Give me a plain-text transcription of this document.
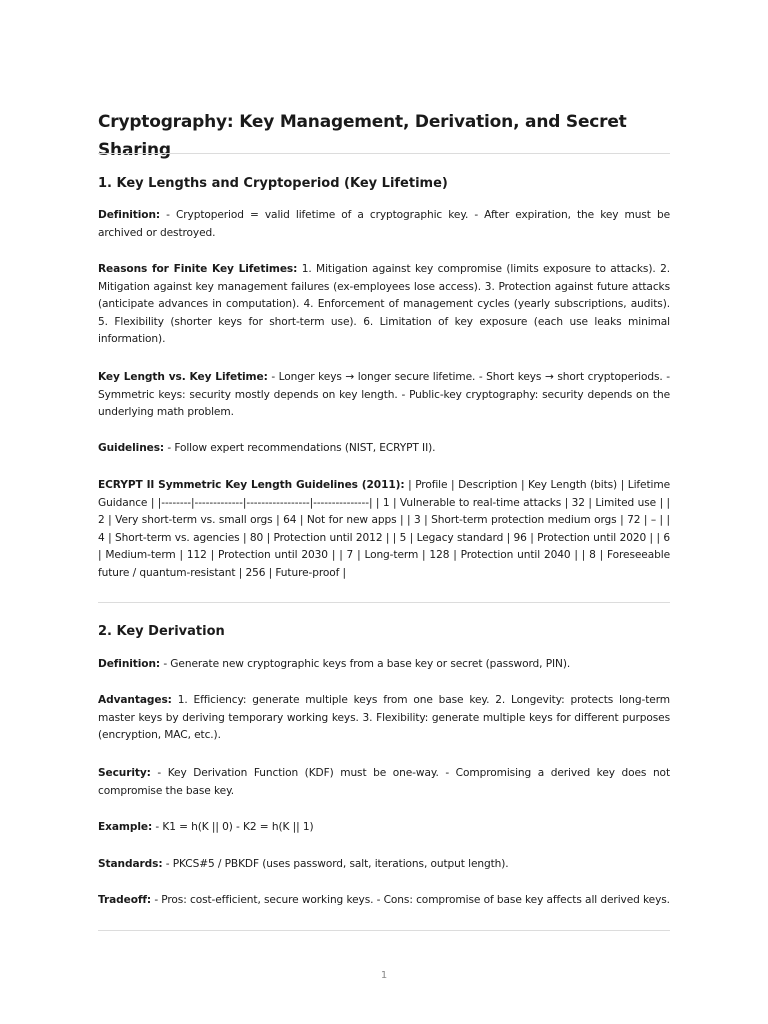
Cryptography: Key Management, Derivation, and Secret Sharing
1. Key Lengths and Cryptoperiod (Key Lifetime)

Definition: - Cryptoperiod = valid lifetime of a cryptographic key. - After expiration, the key must be archived or destroyed.

Reasons for Finite Key Lifetimes: 1. Mitigation against key compromise (limits exposure to attacks). 2. Mitigation against key management failures (ex-employees lose access). 3. Protection against future attacks (anticipate advances in computation). 4. Enforcement of management cycles (yearly subscriptions, audits). 5. Flexibility (shorter keys for short-term use). 6. Limitation of key exposure (each use leaks minimal information).

Key Length vs. Key Lifetime: - Longer keys → longer secure lifetime. - Short keys → short cryptoperiods. - Symmetric keys: security mostly depends on key length. - Public-key cryptography: security depends on the underlying math problem.

Guidelines: - Follow expert recommendations (NIST, ECRYPT II).

ECRYPT II Symmetric Key Length Guidelines (2011): | Profile | Description | Key Length (bits) | Lifetime Guidance | |--------|-------------|-----------------|---------------| | 1 | Vulnerable to real-time attacks | 32 | Limited use | | 2 | Very short-term vs. small orgs | 64 | Not for new apps | | 3 | Short-term protection medium orgs | 72 | – | | 4 | Short-term vs. agencies | 80 | Protection until 2012 | | 5 | Legacy standard | 96 | Protection until 2020 | | 6 | Medium-term | 112 | Protection until 2030 | | 7 | Long-term | 128 | Protection until 2040 | | 8 | Foreseeable future / quantum-resistant | 256 | Future-proof |

2. Key Derivation

Definition: - Generate new cryptographic keys from a base key or secret (password, PIN).

Advantages: 1. Efficiency: generate multiple keys from one base key. 2. Longevity: protects long-term master keys by deriving temporary working keys. 3. Flexibility: generate multiple keys for different purposes (encryption, MAC, etc.).

Security: - Key Derivation Function (KDF) must be one-way. - Compromising a derived key does not compromise the base key.

Example: - K1 = h(K || 0) - K2 = h(K || 1)

Standards: - PKCS#5 / PBKDF (uses password, salt, iterations, output length).

Tradeoff: - Pros: cost-efficient, secure working keys. - Cons: compromise of base key affects all derived keys.

1
